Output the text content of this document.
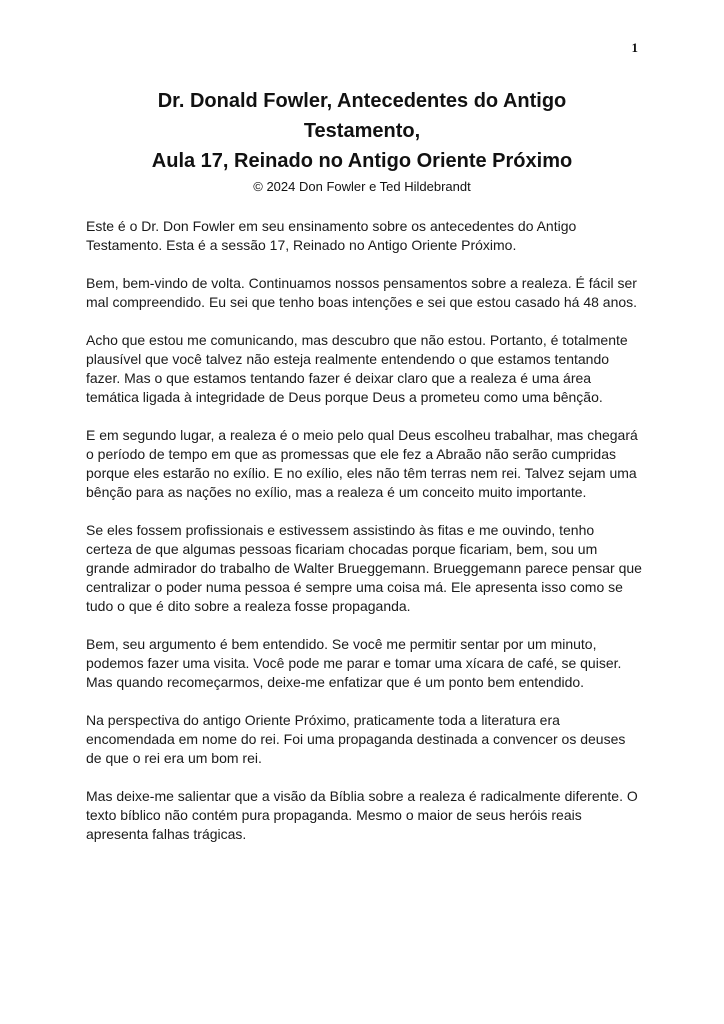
1
Dr. Donald Fowler, Antecedentes do Antigo
Testamento,
Aula 17, Reinado no Antigo Oriente Próximo
© 2024 Don Fowler e Ted Hildebrandt

Este é o Dr. Don Fowler em seu ensinamento sobre os antecedentes do Antigo Testamento. Esta é a sessão 17, Reinado no Antigo Oriente Próximo.

Bem, bem-vindo de volta. Continuamos nossos pensamentos sobre a realeza. É fácil ser mal compreendido. Eu sei que tenho boas intenções e sei que estou casado há 48 anos.

Acho que estou me comunicando, mas descubro que não estou. Portanto, é totalmente plausível que você talvez não esteja realmente entendendo o que estamos tentando fazer. Mas o que estamos tentando fazer é deixar claro que a realeza é uma área temática ligada à integridade de Deus porque Deus a prometeu como uma bênção.

E em segundo lugar, a realeza é o meio pelo qual Deus escolheu trabalhar, mas chegará o período de tempo em que as promessas que ele fez a Abraão não serão cumpridas porque eles estarão no exílio. E no exílio, eles não têm terras nem rei. Talvez sejam uma bênção para as nações no exílio, mas a realeza é um conceito muito importante.

Se eles fossem profissionais e estivessem assistindo às fitas e me ouvindo, tenho certeza de que algumas pessoas ficariam chocadas porque ficariam, bem, sou um grande admirador do trabalho de Walter Brueggemann. Brueggemann parece pensar que centralizar o poder numa pessoa é sempre uma coisa má. Ele apresenta isso como se tudo o que é dito sobre a realeza fosse propaganda.

Bem, seu argumento é bem entendido. Se você me permitir sentar por um minuto, podemos fazer uma visita. Você pode me parar e tomar uma xícara de café, se quiser. Mas quando recomeçarmos, deixe-me enfatizar que é um ponto bem entendido.

Na perspectiva do antigo Oriente Próximo, praticamente toda a literatura era encomendada em nome do rei. Foi uma propaganda destinada a convencer os deuses de que o rei era um bom rei.

Mas deixe-me salientar que a visão da Bíblia sobre a realeza é radicalmente diferente. O texto bíblico não contém pura propaganda. Mesmo o maior de seus heróis reais apresenta falhas trágicas.
